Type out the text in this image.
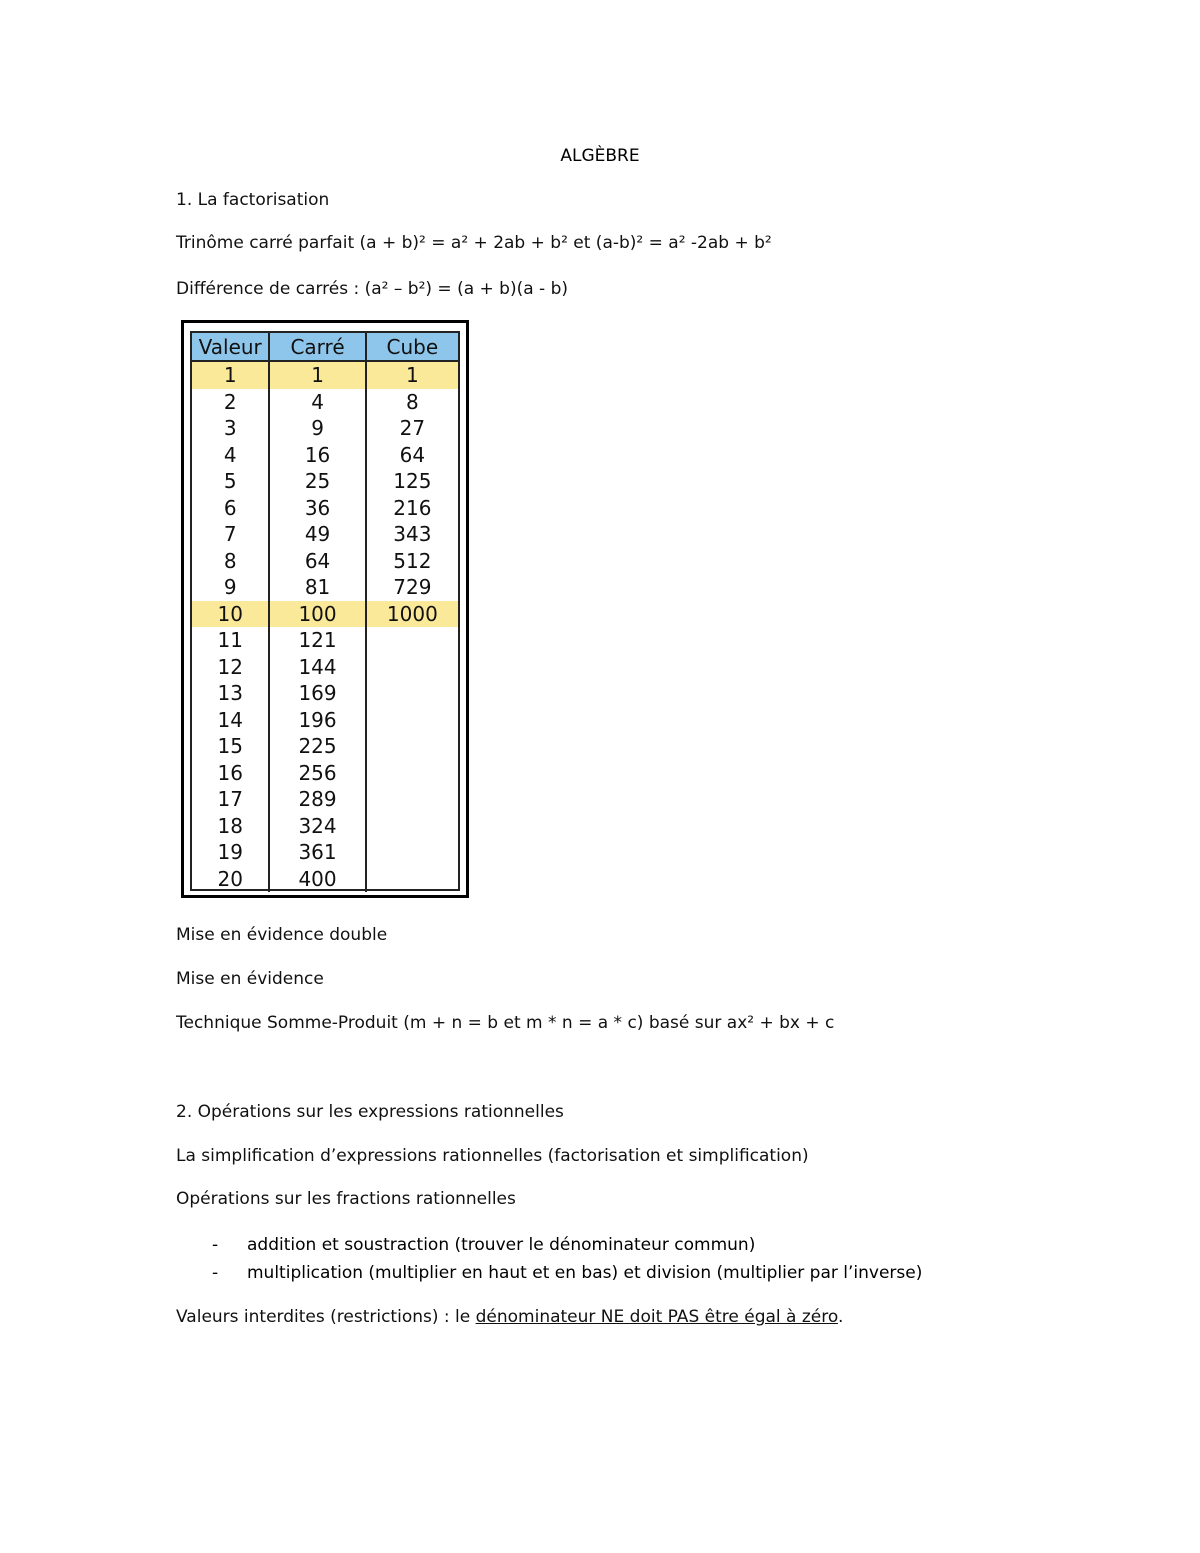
ALGÈBRE
1. La factorisation
Trinôme carré parfait (a + b)² = a² + 2ab + b² et (a-b)² = a² -2ab + b²
Différence de carrés : (a² – b²) = (a + b)(a - b)
Valeur	Carré	Cube
1	1	1
2	4	8
3	9	27
4	16	64
5	25	125
6	36	216
7	49	343
8	64	512
9	81	729
10	100	1000
11	121	
12	144	
13	169	
14	196	
15	225	
16	256	
17	289	
18	324	
19	361	
20	400	
Mise en évidence double
Mise en évidence
Technique Somme-Produit (m + n = b et m * n = a * c) basé sur ax² + bx + c
2. Opérations sur les expressions rationnelles
La simplification d’expressions rationnelles (factorisation et simplification)
Opérations sur les fractions rationnelles
- addition et soustraction (trouver le dénominateur commun)
- multiplication (multiplier en haut et en bas) et division (multiplier par l’inverse)
Valeurs interdites (restrictions) : le dénominateur NE doit PAS être égal à zéro.
